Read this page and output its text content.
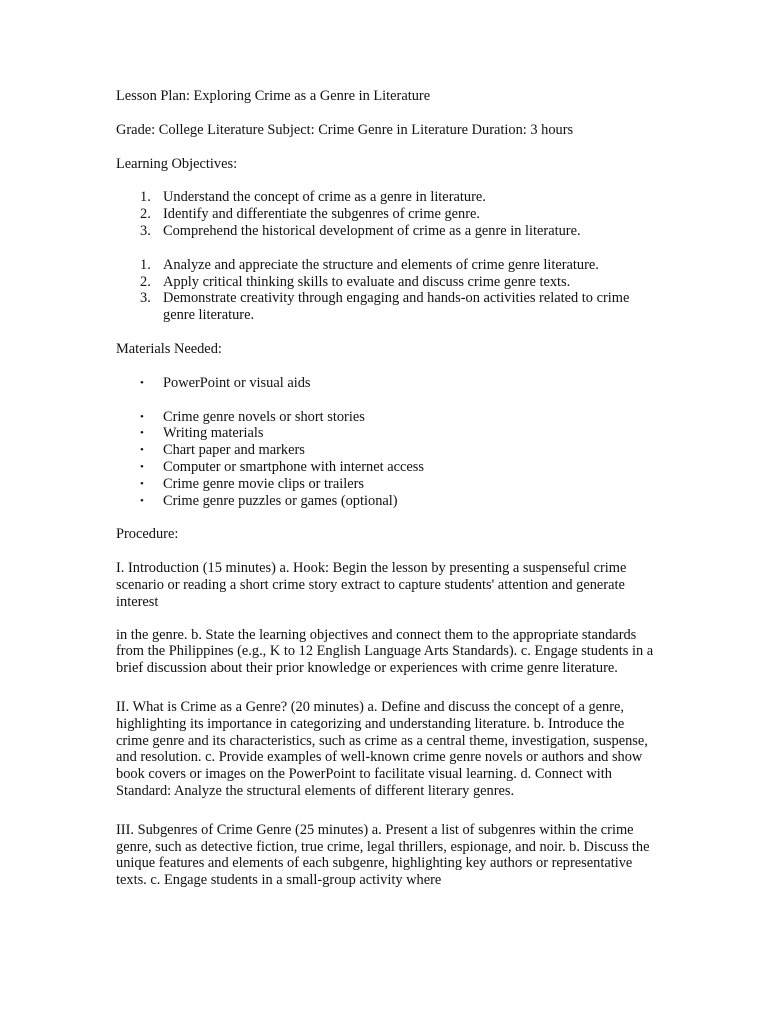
Lesson Plan: Exploring Crime as a Genre in Literature

Grade: College Literature Subject: Crime Genre in Literature Duration: 3 hours

Learning Objectives:

1. Understand the concept of crime as a genre in literature.
2. Identify and differentiate the subgenres of crime genre.
3. Comprehend the historical development of crime as a genre in literature.
1. Analyze and appreciate the structure and elements of crime genre literature.
2. Apply critical thinking skills to evaluate and discuss crime genre texts.
3. Demonstrate creativity through engaging and hands-on activities related to crime genre literature.

Materials Needed:

• PowerPoint or visual aids
• Crime genre novels or short stories
• Writing materials
• Chart paper and markers
• Computer or smartphone with internet access
• Crime genre movie clips or trailers
• Crime genre puzzles or games (optional)

Procedure:

I. Introduction (15 minutes) a. Hook: Begin the lesson by presenting a suspenseful crime scenario or reading a short crime story extract to capture students' attention and generate interest

in the genre. b. State the learning objectives and connect them to the appropriate standards from the Philippines (e.g., K to 12 English Language Arts Standards). c. Engage students in a brief discussion about their prior knowledge or experiences with crime genre literature.

II. What is Crime as a Genre? (20 minutes) a. Define and discuss the concept of a genre, highlighting its importance in categorizing and understanding literature. b. Introduce the crime genre and its characteristics, such as crime as a central theme, investigation, suspense, and resolution. c. Provide examples of well-known crime genre novels or authors and show book covers or images on the PowerPoint to facilitate visual learning. d. Connect with Standard: Analyze the structural elements of different literary genres.

III. Subgenres of Crime Genre (25 minutes) a. Present a list of subgenres within the crime genre, such as detective fiction, true crime, legal thrillers, espionage, and noir. b. Discuss the unique features and elements of each subgenre, highlighting key authors or representative texts. c. Engage students in a small-group activity where
